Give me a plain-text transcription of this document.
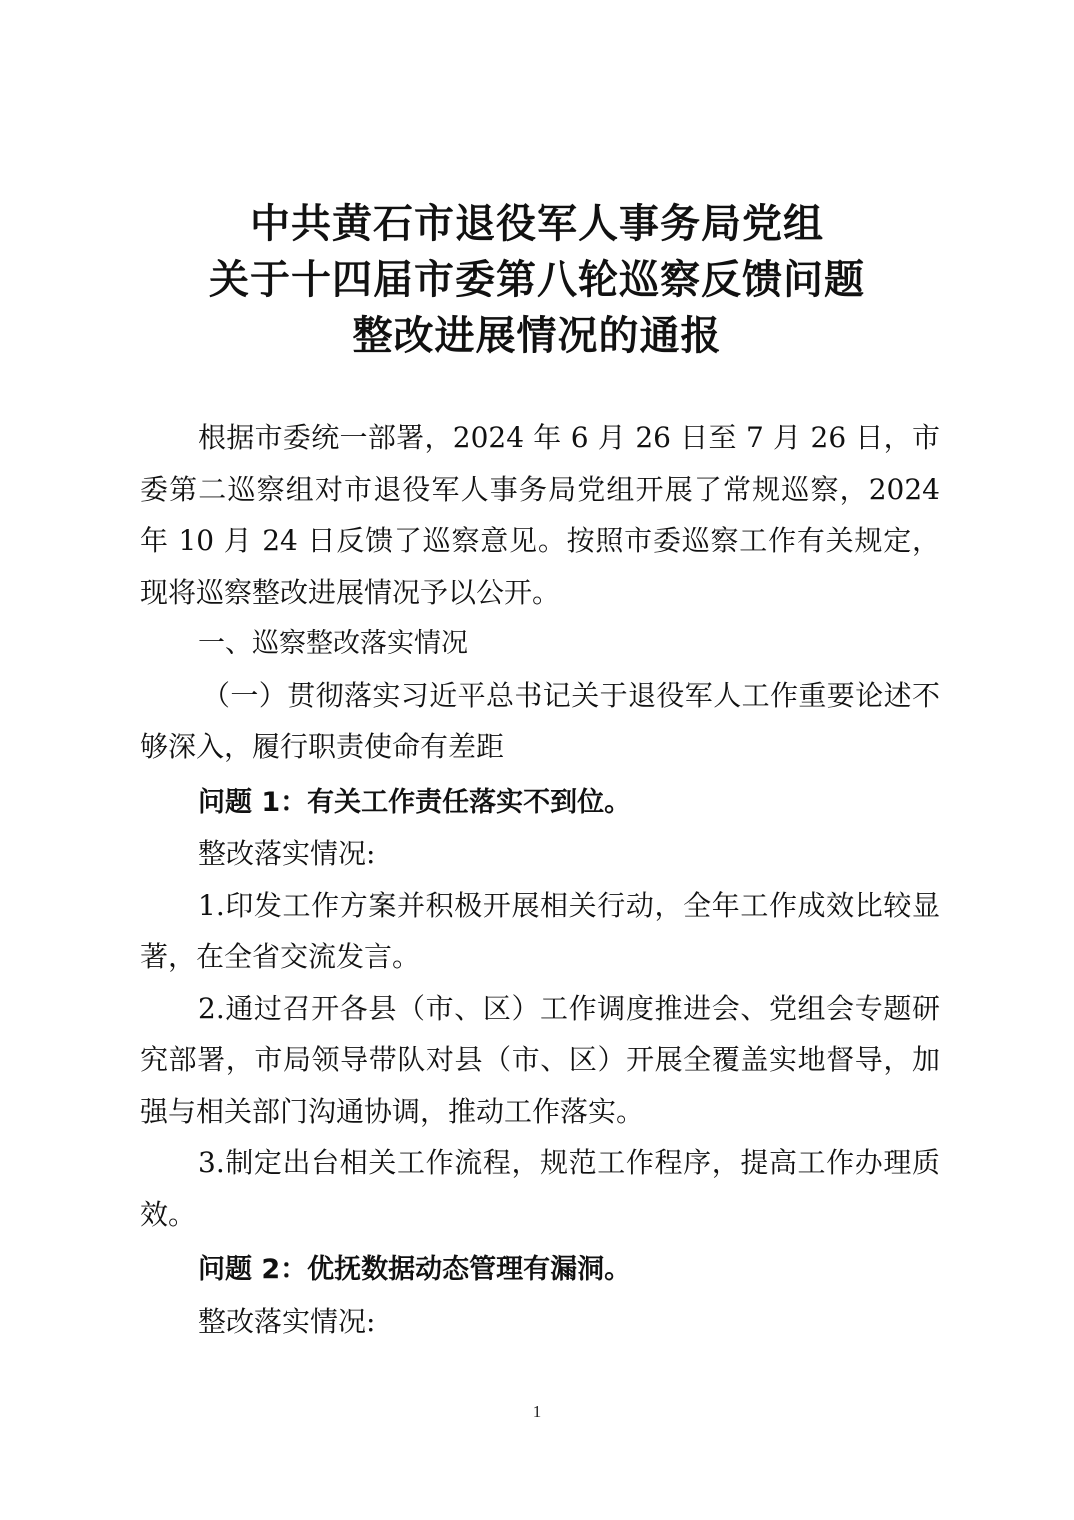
中共黄石市退役军人事务局党组
关于十四届市委第八轮巡察反馈问题
整改进展情况的通报

根据市委统一部署，2024 年 6 月 26 日至 7 月 26 日，市委第二巡察组对市退役军人事务局党组开展了常规巡察，2024 年 10 月 24 日反馈了巡察意见。按照市委巡察工作有关规定，现将巡察整改进展情况予以公开。

一、巡察整改落实情况

（一）贯彻落实习近平总书记关于退役军人工作重要论述不够深入，履行职责使命有差距

问题 1：有关工作责任落实不到位。

整改落实情况:

1.印发工作方案并积极开展相关行动，全年工作成效比较显著，在全省交流发言。

2.通过召开各县（市、区）工作调度推进会、党组会专题研究部署，市局领导带队对县（市、区）开展全覆盖实地督导，加强与相关部门沟通协调，推动工作落实。

3.制定出台相关工作流程，规范工作程序，提高工作办理质效。

问题 2：优抚数据动态管理有漏洞。

整改落实情况:

1
